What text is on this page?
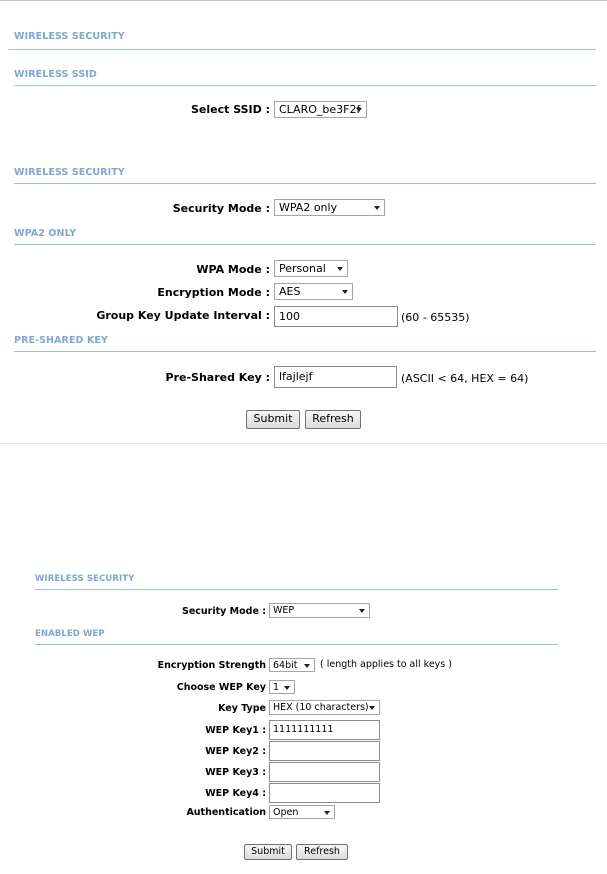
WIRELESS SECURITY
WIRELESS SSID
Select SSID : CLARO_be3F2f
WIRELESS SECURITY
Security Mode : WPA2 only
WPA2 ONLY
WPA Mode : Personal
Encryption Mode : AES
Group Key Update Interval : 100	(60 - 65535)
PRE-SHARED KEY
Pre-Shared Key : lfajlejf	(ASCII < 64, HEX = 64)
Submit	Refresh
WIRELESS SECURITY
Security Mode : WEP
ENABLED WEP
Encryption Strength 64bit	( length applies to all keys )
Choose WEP Key 1
Key Type HEX (10 characters)
WEP Key1 : 1111111111
WEP Key2 :
WEP Key3 :
WEP Key4 :
Authentication Open
Submit	Refresh
